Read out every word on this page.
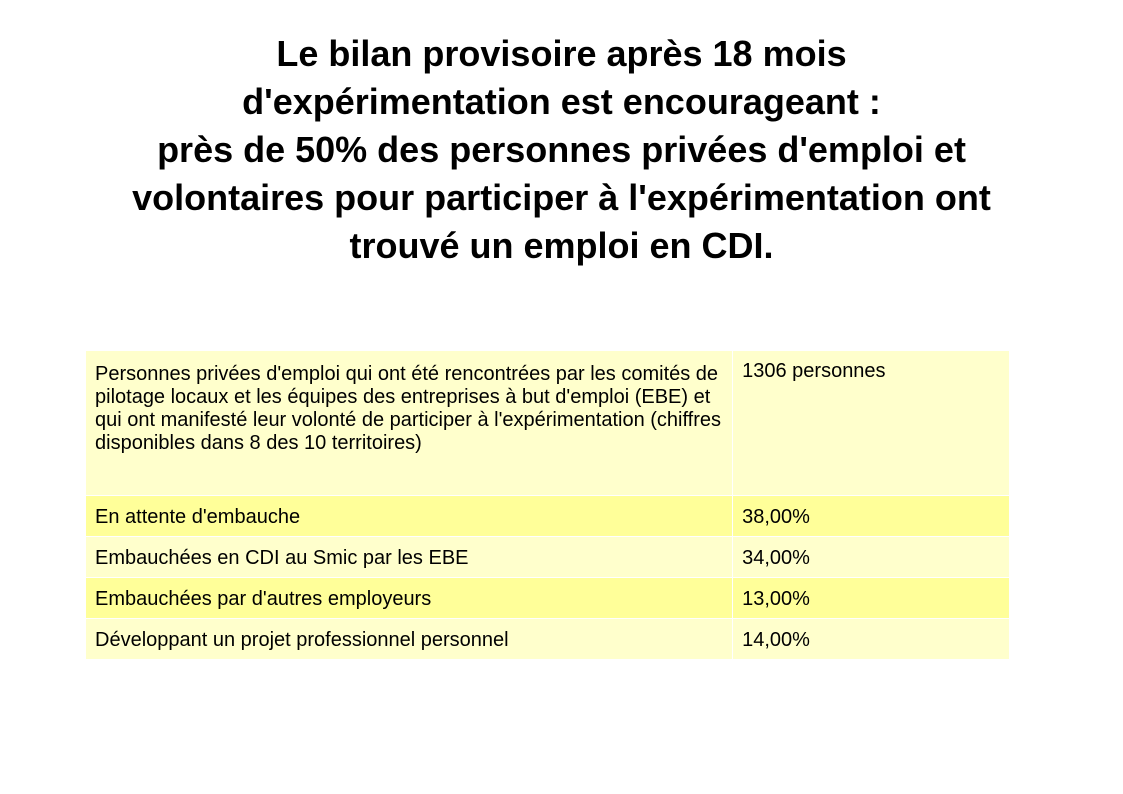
Le bilan provisoire après 18 mois
d'expérimentation est encourageant :
près de 50% des personnes privées d'emploi et
volontaires pour participer à l'expérimentation ont
trouvé un emploi en CDI.
Personnes privées d'emploi qui ont été rencontrées par les comités de pilotage locaux et les équipes des entreprises à but d'emploi (EBE) et qui ont manifesté leur volonté de participer à l'expérimentation (chiffres disponibles dans 8 des 10 territoires)	1306 personnes
En attente d'embauche	38,00%
Embauchées en CDI au Smic par les EBE	34,00%
Embauchées par d'autres employeurs	13,00%
Développant un projet professionnel personnel	14,00%
